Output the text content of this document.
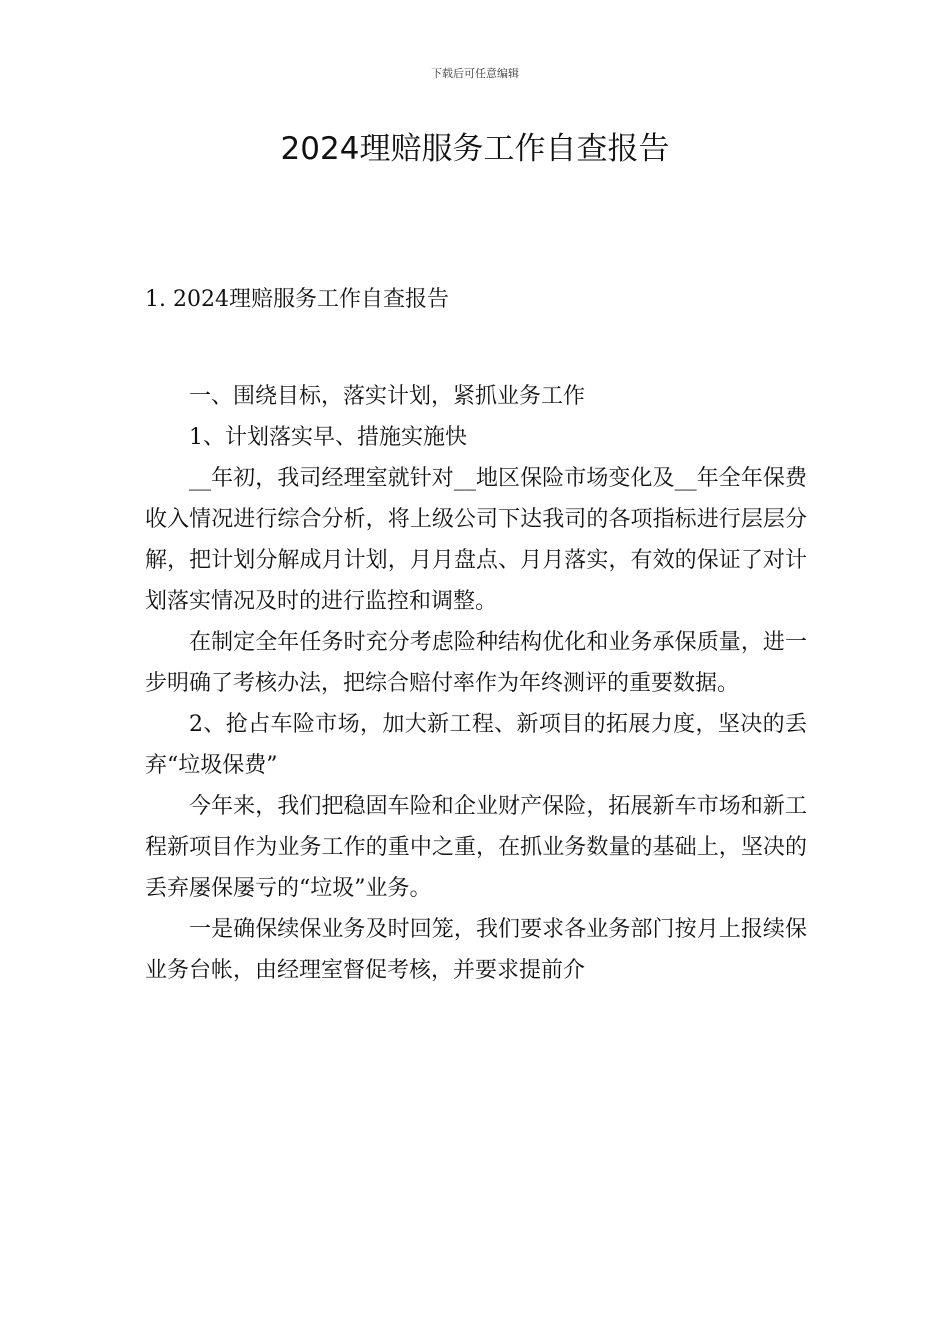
下载后可任意编辑
2024理赔服务工作自查报告

1. 2024理赔服务工作自查报告

一、围绕目标，落实计划，紧抓业务工作

1、计划落实早、措施实施快

__年初，我司经理室就针对__地区保险市场变化及__年全年保费收入情况进行综合分析，将上级公司下达我司的各项指标进行层层分解，把计划分解成月计划，月月盘点、月月落实，有效的保证了对计划落实情况及时的进行监控和调整。

在制定全年任务时充分考虑险种结构优化和业务承保质量，进一步明确了考核办法，把综合赔付率作为年终测评的重要数据。

2、抢占车险市场，加大新工程、新项目的拓展力度，坚决的丢弃“垃圾保费”

今年来，我们把稳固车险和企业财产保险，拓展新车市场和新工程新项目作为业务工作的重中之重，在抓业务数量的基础上，坚决的丢弃屡保屡亏的“垃圾”业务。

一是确保续保业务及时回笼，我们要求各业务部门按月上报续保业务台帐，由经理室督促考核，并要求提前介
